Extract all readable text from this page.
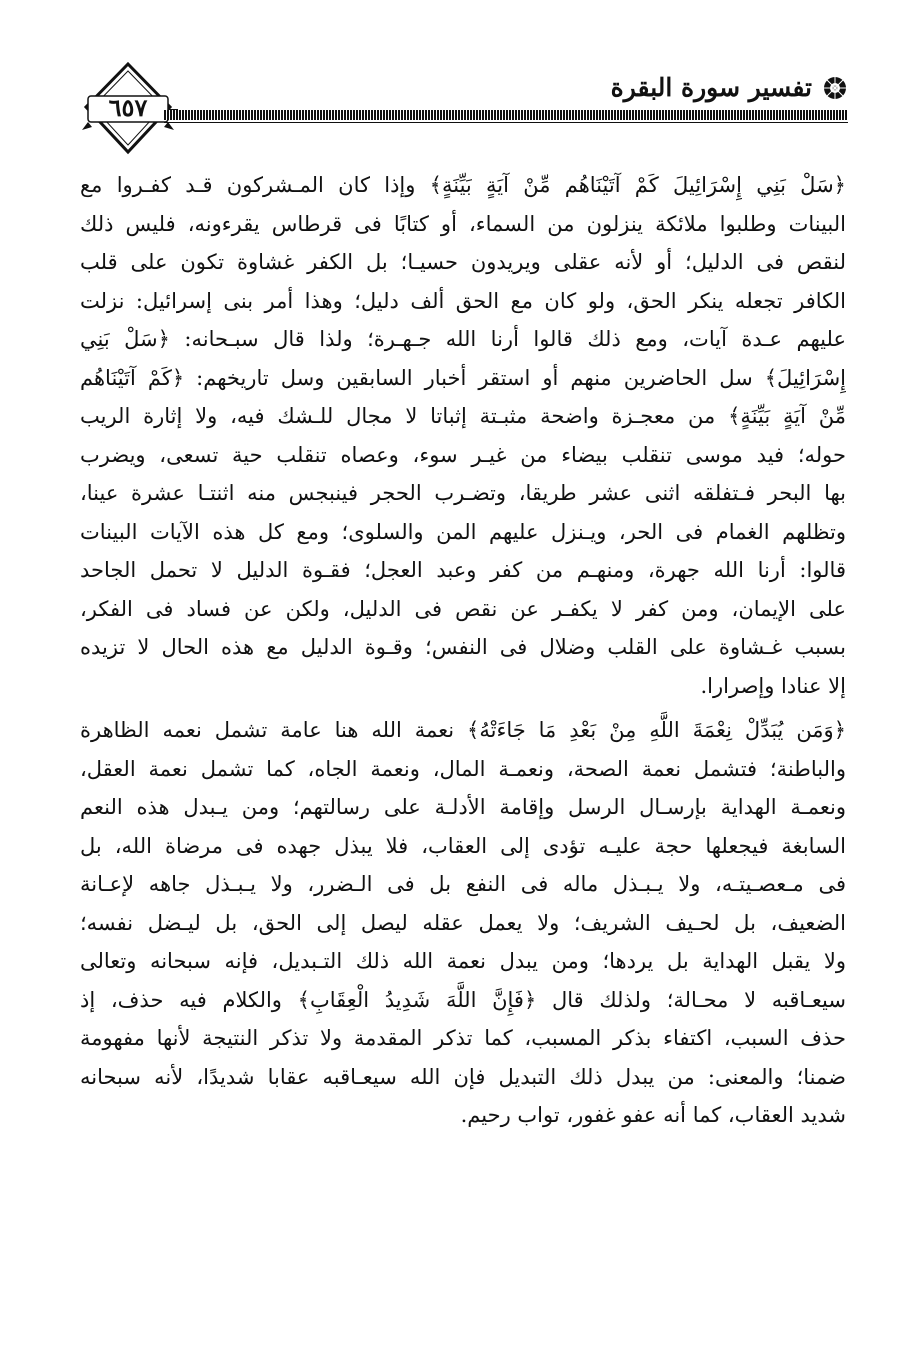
٦٥٧
تفسير سورة البقرة
﴿سَلْ بَنِي إِسْرَائِيلَ كَمْ آتَيْنَاهُم مِّنْ آيَةٍ بَيِّنَةٍ﴾ وإذا كان المـشركون قـد كفـروا مع
البينات وطلبوا ملائكة ينزلون من السماء، أو كتابًا فى قرطاس يقرءونه، فليس ذلك
لنقص فى الدليل؛ أو لأنه عقلى ويريدون حسيـا؛ بل الكفر غشاوة تكون على قلب
الكافر تجعله ينكر الحق، ولو كان مع الحق ألف دليل؛ وهذا أمر بنى إسرائيل: نزلت
عليهم عـدة آيات، ومع ذلك قالوا أرنا الله جـهـرة؛ ولذا قال سبـحانه: ﴿سَلْ بَنِي
إِسْرَائِيلَ﴾ سل الحاضرين منهم أو استقر أخبار السابقين وسل تاريخهم: ﴿كَمْ آتَيْنَاهُم
مِّنْ آيَةٍ بَيِّنَةٍ﴾ من معجـزة واضحة مثبـتة إثباتا لا مجال للـشك فيه، ولا إثارة الريب
حوله؛ فيد موسى تنقلب بيضاء من غيـر سوء، وعصاه تنقلب حية تسعى، ويضرب
بها البحر فـتفلقه اثنى عشر طريقا، وتضـرب الحجر فينبجس منه اثنتـا عشرة عينا،
وتظلهم الغمام فى الحر، ويـنزل عليهم المن والسلوى؛ ومع كل هذه الآيات البينات
قالوا: أرنا الله جهرة، ومنهـم من كفر وعبد العجل؛ فقـوة الدليل لا تحمل الجاحد
على الإيمان، ومن كفر لا يكفـر عن نقص فى الدليل، ولكن عن فساد فى الفكر،
بسبب غـشاوة على القلب وضلال فى النفس؛ وقـوة الدليل مع هذه الحال لا تزيده
إلا عنادا وإصرارا.
﴿وَمَن يُبَدِّلْ نِعْمَةَ اللَّهِ مِنْ بَعْدِ مَا جَاءَتْهُ﴾ نعمة الله هنا عامة تشمل نعمه الظاهرة
والباطنة؛ فتشمل نعمة الصحة، ونعمـة المال، ونعمة الجاه، كما تشمل نعمة العقل،
ونعمـة الهداية بإرسـال الرسل وإقامة الأدلـة على رسالتهم؛ ومن يـبدل هذه النعم
السابغة فيجعلها حجة عليـه تؤدى إلى العقاب، فلا يبذل جهده فى مرضاة الله، بل
فى مـعصـيتـه، ولا يـبـذل ماله فى النفع بل فى الـضرر، ولا يـبـذل جاهه لإعـانة
الضعيف، بل لحـيف الشريف؛ ولا يعمل عقله ليصل إلى الحق، بل ليـضل نفسه؛
ولا يقبل الهداية بل يردها؛ ومن يبدل نعمة الله ذلك التـبديل، فإنه سبحانه وتعالى
سيعـاقبه لا محـالة؛ ولذلك قال ﴿فَإِنَّ اللَّهَ شَدِيدُ الْعِقَابِ﴾ والكلام فيه حذف، إذ
حذف السبب، اكتفاء بذكر المسبب، كما تذكر المقدمة ولا تذكر النتيجة لأنها مفهومة
ضمنا؛ والمعنى: من يبدل ذلك التبديل فإن الله سيعـاقبه عقابا شديدًا، لأنه سبحانه
شديد العقاب، كما أنه عفو غفور، تواب رحيم.
